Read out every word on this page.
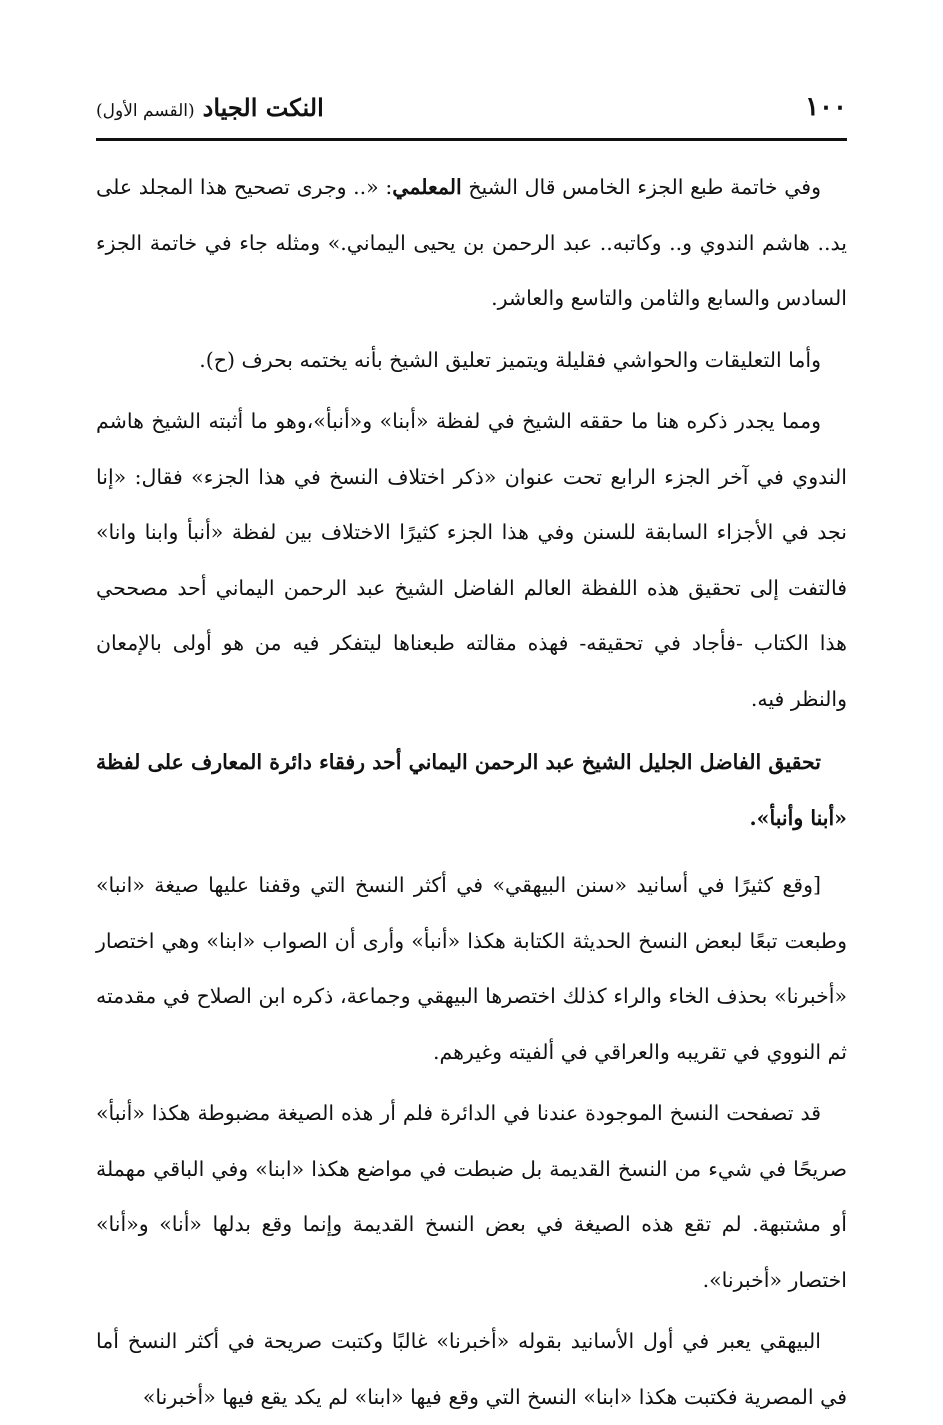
١٠٠
النكت الجياد
(القسم الأول)

وفي خاتمة طبع الجزء الخامس قال الشيخ المعلمي: «.. وجرى تصحيح هذا المجلد على يد.. هاشم الندوي و.. وكاتبه.. عبد الرحمن بن يحيى اليماني.» ومثله جاء في خاتمة الجزء السادس والسابع والثامن والتاسع والعاشر.

وأما التعليقات والحواشي فقليلة ويتميز تعليق الشيخ بأنه يختمه بحرف (ح).

ومما يجدر ذكره هنا ما حققه الشيخ في لفظة «أبنا» و«أنبأ»،وهو ما أثبته الشيخ هاشم الندوي في آخر الجزء الرابع تحت عنوان «ذكر اختلاف النسخ في هذا الجزء» فقال: «إنا نجد في الأجزاء السابقة للسنن وفي هذا الجزء كثيرًا الاختلاف بين لفظة «أنبأ وابنا وانا» فالتفت إلى تحقيق هذه اللفظة العالم الفاضل الشيخ عبد الرحمن اليماني أحد مصححي هذا الكتاب -فأجاد في تحقيقه- فهذه مقالته طبعناها ليتفكر فيه من هو أولى بالإمعان والنظر فيه.

تحقيق الفاضل الجليل الشيخ عبد الرحمن اليماني أحد رفقاء دائرة المعارف على لفظة «أبنا وأنبأ».

[وقع كثيرًا في أسانيد «سنن البيهقي» في أكثر النسخ التي وقفنا عليها صيغة «انبا» وطبعت تبعًا لبعض النسخ الحديثة الكتابة هكذا «أنبأ» وأرى أن الصواب «ابنا» وهي اختصار «أخبرنا» بحذف الخاء والراء كذلك اختصرها البيهقي وجماعة، ذكره ابن الصلاح في مقدمته ثم النووي في تقريبه والعراقي في ألفيته وغيرهم.

قد تصفحت النسخ الموجودة عندنا في الدائرة فلم أر هذه الصيغة مضبوطة هكذا «أنبأ» صريحًا في شيء من النسخ القديمة بل ضبطت في مواضع هكذا «ابنا» وفي الباقي مهملة أو مشتبهة. لم تقع هذه الصيغة في بعض النسخ القديمة وإنما وقع بدلها «أنا» و«أنا» اختصار «أخبرنا».

البيهقي يعبر في أول الأسانيد بقوله «أخبرنا» غالبًا وكتبت صريحة في أكثر النسخ أما في المصرية فكتبت هكذا «ابنا» النسخ التي وقع فيها «ابنا» لم يكد يقع فيها «أخبرنا»
